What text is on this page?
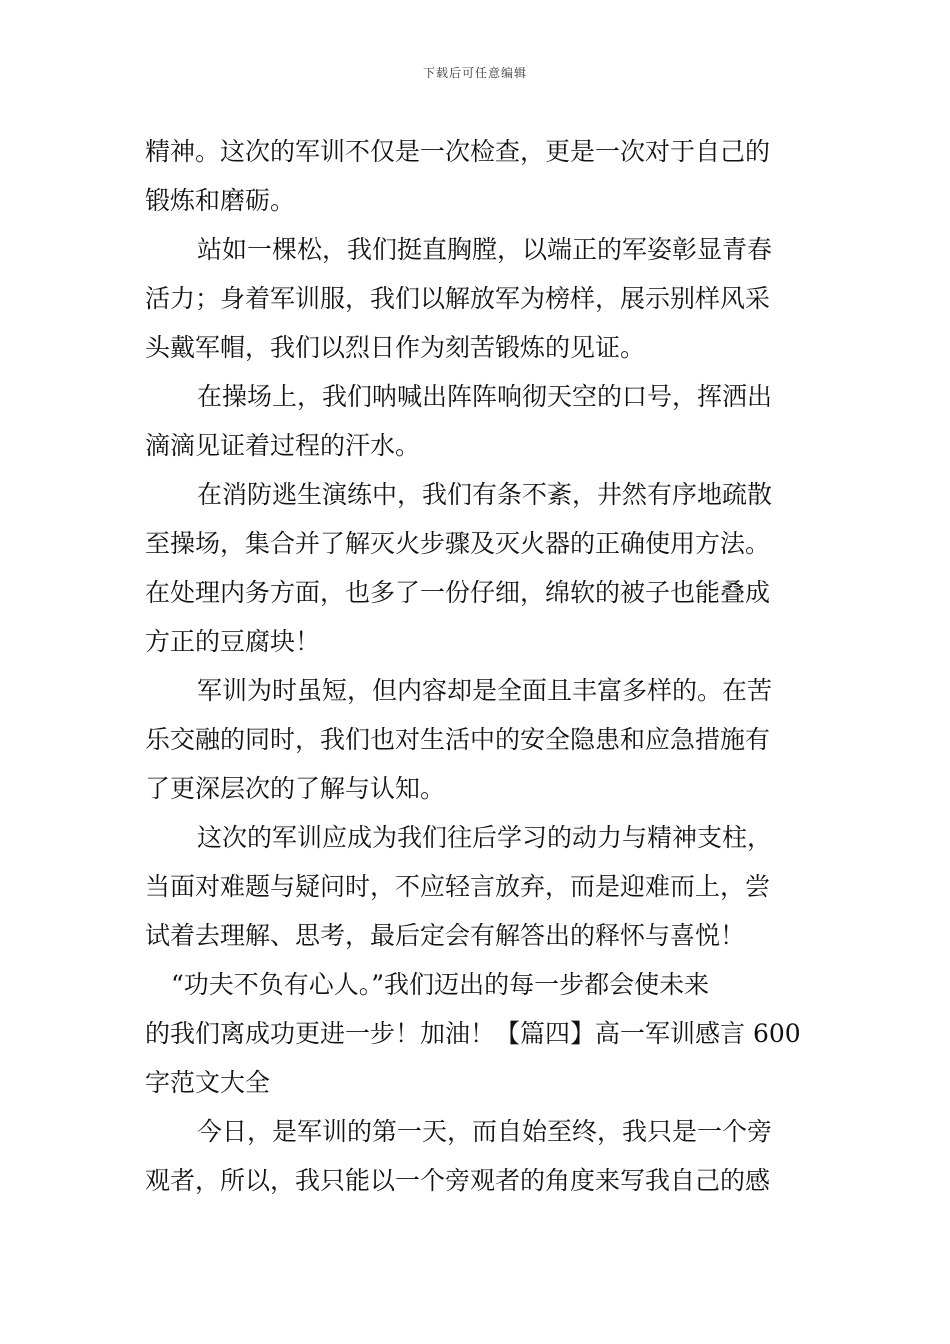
下载后可任意编辑
精神。这次的军训不仅是一次检查，更是一次对于自己的
锻炼和磨砺。
站如一棵松，我们挺直胸膛，以端正的军姿彰显青春
活力；身着军训服，我们以解放军为榜样，展示别样风采
头戴军帽，我们以烈日作为刻苦锻炼的见证。
在操场上，我们呐喊出阵阵响彻天空的口号，挥洒出
滴滴见证着过程的汗水。
在消防逃生演练中，我们有条不紊，井然有序地疏散
至操场，集合并了解灭火步骤及灭火器的正确使用方法。
在处理内务方面，也多了一份仔细，绵软的被子也能叠成
方正的豆腐块！
军训为时虽短，但内容却是全面且丰富多样的。在苦
乐交融的同时，我们也对生活中的安全隐患和应急措施有
了更深层次的了解与认知。
这次的军训应成为我们往后学习的动力与精神支柱，
当面对难题与疑问时，不应轻言放弃，而是迎难而上，尝
试着去理解、思考，最后定会有解答出的释怀与喜悦！
“功夫不负有心人。”我们迈出的每一步都会使未来
的我们离成功更进一步！加油！【篇四】高一军训感言 600
字范文大全
今日，是军训的第一天，而自始至终，我只是一个旁
观者，所以，我只能以一个旁观者的角度来写我自己的感
